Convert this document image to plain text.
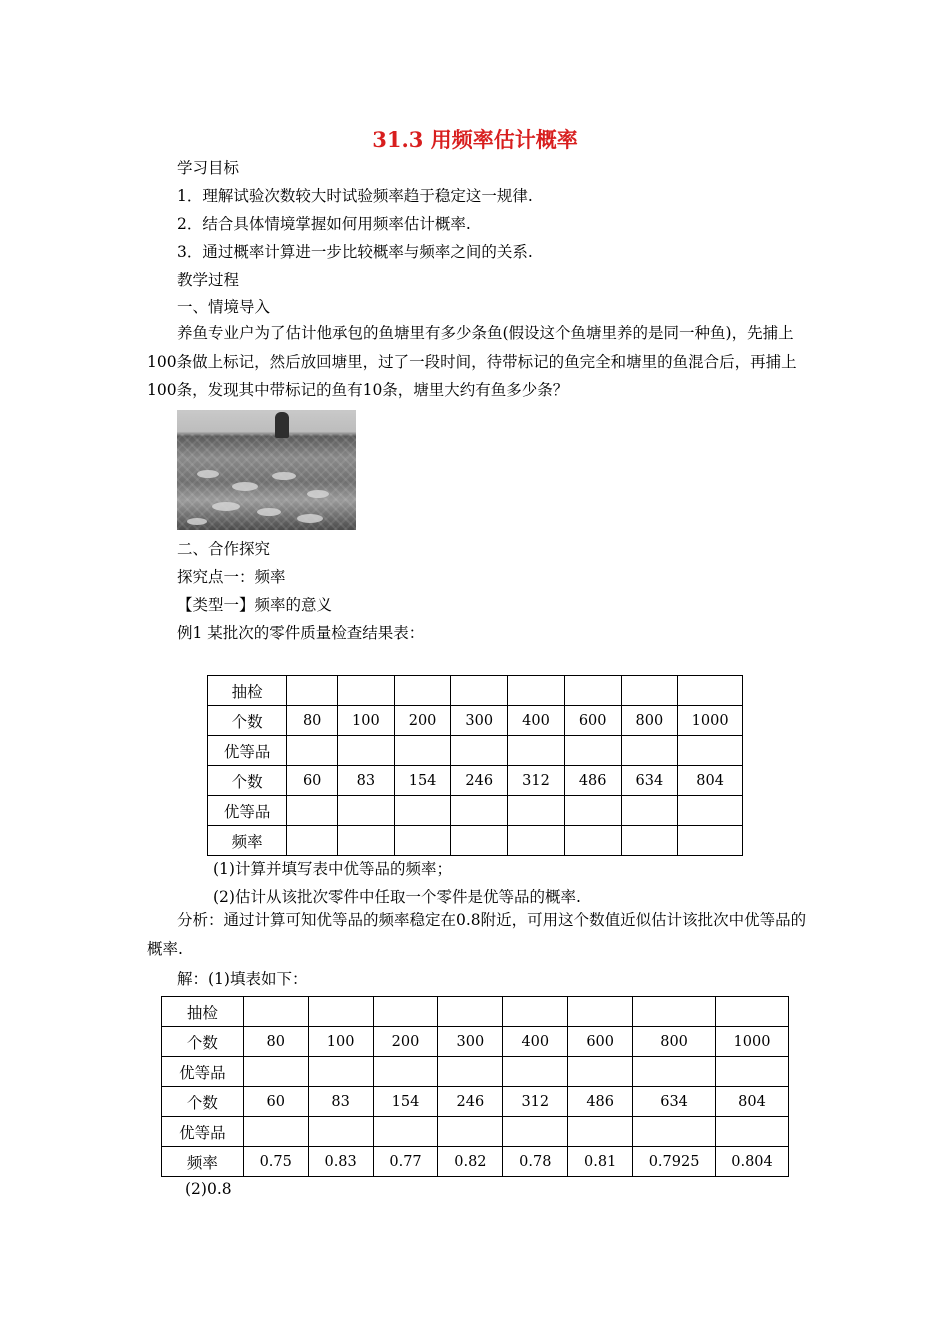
31.3 用频率估计概率
学习目标
1．理解试验次数较大时试验频率趋于稳定这一规律.
2．结合具体情境掌握如何用频率估计概率.
3．通过概率计算进一步比较概率与频率之间的关系.
教学过程
一、情境导入
养鱼专业户为了估计他承包的鱼塘里有多少条鱼(假设这个鱼塘里养的是同一种鱼)，先捕上100条做上标记，然后放回塘里，过了一段时间，待带标记的鱼完全和塘里的鱼混合后，再捕上100条，发现其中带标记的鱼有10条，塘里大约有鱼多少条？
二、合作探究
探究点一：频率
【类型一】频率的意义
例1 某批次的零件质量检查结果表：
抽检								
个数	80	100	200	300	400	600	800	1000
优等品								
个数	60	83	154	246	312	486	634	804
优等品								
频率								
(1)计算并填写表中优等品的频率；
(2)估计从该批次零件中任取一个零件是优等品的概率.
分析：通过计算可知优等品的频率稳定在0.8附近，可用这个数值近似估计该批次中优等品的概率.
解：(1)填表如下：
抽检								
个数	80	100	200	300	400	600	800	1000
优等品								
个数	60	83	154	246	312	486	634	804
优等品								
频率	0.75	0.83	0.77	0.82	0.78	0.81	0.7925	0.804
(2)0.8
